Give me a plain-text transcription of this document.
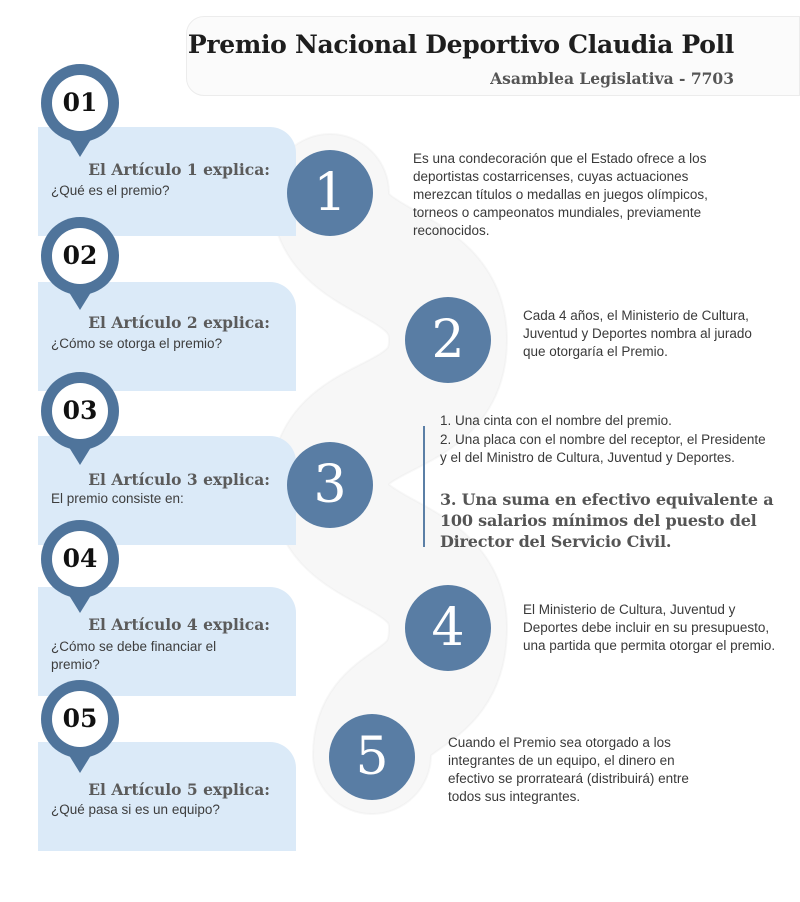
Premio Nacional Deportivo Claudia Poll
Asamblea Legislativa - 7703
El Artículo 1 explica:
¿Qué es el premio?
01
1
Es una condecoración que el Estado ofrece a los deportistas costarricenses, cuyas actuaciones merezcan títulos o medallas en juegos olímpicos, torneos o campeonatos mundiales, previamente reconocidos.
El Artículo 2 explica:
¿Cómo se otorga el premio?
02
2	Cada 4 años, el Ministerio de Cultura, Juventud y Deportes nombra al jurado que otorgaría el Premio.
El Artículo 3 explica:
El premio consiste en:
03
3
1. Una cinta con el nombre del premio.
2. Una placa con el nombre del receptor, el Presidente y el del Ministro de Cultura, Juventud y Deportes.
3. Una suma en efectivo equivalente a 100 salarios mínimos del puesto del Director del Servicio Civil.
El Artículo 4 explica:
¿Cómo se debe financiar el premio?
04
4	El Ministerio de Cultura, Juventud y Deportes debe incluir en su presupuesto, una partida que permita otorgar el premio.
El Artículo 5 explica:
¿Qué pasa si es un equipo?
05
5	Cuando el Premio sea otorgado a los integrantes de un equipo, el dinero en efectivo se prorrateará (distribuirá) entre todos sus integrantes.
